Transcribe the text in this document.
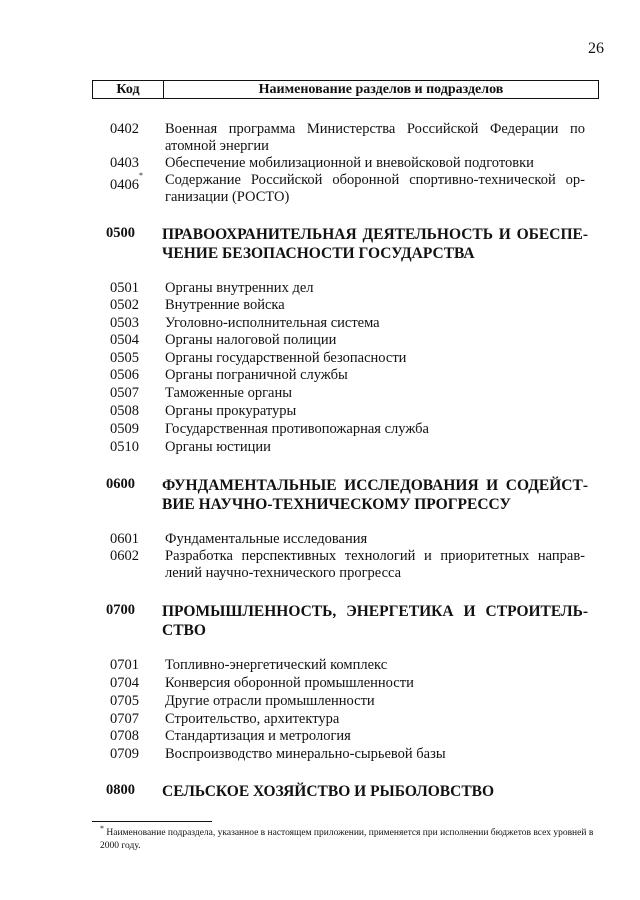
26
Код	Наименование разделов и подразделов
0402	Военная программа Министерства Российской Федерации по
атомной энергии
0403	Обеспечение мобилизационной и вневойсковой подготовки
0406*	Содержание Российской оборонной спортивно-технической ор-
ганизации (РОСТО)
0500	ПРАВООХРАНИТЕЛЬНАЯ ДЕЯТЕЛЬНОСТЬ И ОБЕСПЕ-
ЧЕНИЕ БЕЗОПАСНОСТИ ГОСУДАРСТВА
0501	Органы внутренних дел
0502	Внутренние войска
0503	Уголовно-исполнительная система
0504	Органы налоговой полиции
0505	Органы государственной безопасности
0506	Органы пограничной службы
0507	Таможенные органы
0508	Органы прокуратуры
0509	Государственная противопожарная служба
0510	Органы юстиции
0600	ФУНДАМЕНТАЛЬНЫЕ ИССЛЕДОВАНИЯ И СОДЕЙСТ-
ВИЕ НАУЧНО-ТЕХНИЧЕСКОМУ ПРОГРЕССУ
0601	Фундаментальные исследования
0602	Разработка перспективных технологий и приоритетных направ-
лений научно-технического прогресса
0700	ПРОМЫШЛЕННОСТЬ, ЭНЕРГЕТИКА И СТРОИТЕЛЬ-
СТВО
0701	Топливно-энергетический комплекс
0704	Конверсия оборонной промышленности
0705	Другие отрасли промышленности
0707	Строительство, архитектура
0708	Стандартизация и метрология
0709	Воспроизводство минерально-сырьевой базы
0800	СЕЛЬСКОЕ ХОЗЯЙСТВО И РЫБОЛОВСТВО
* Наименование подраздела, указанное в настоящем приложении, применяется при исполнении бюджетов всех уровней в 2000 году.
